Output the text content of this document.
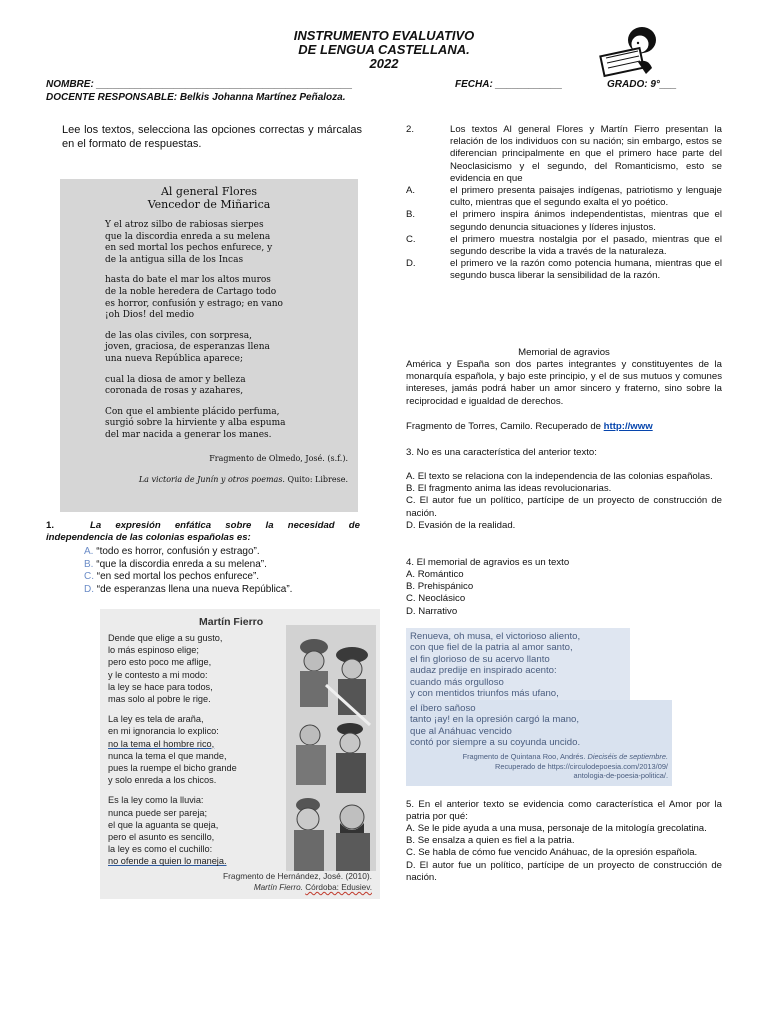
INSTRUMENTO EVALUATIVO
DE LENGUA CASTELLANA.
2022
NOMBRE: ______________________________________________	FECHA: ____________	GRADO: 9°___
DOCENTE RESPONSABLE: Belkis Johanna Martínez Peñaloza.
Lee los textos, selecciona las opciones correctas y márcalas en el formato de respuestas.
Al general Flores
Vencedor de Miñarica

Y el atroz silbo de rabiosas sierpes

que la discordia enreda a su melena

en sed mortal los pechos enfurece, y

de la antigua silla de los Incas

hasta do bate el mar los altos muros

de la noble heredera de Cartago todo

es horror, confusión y estrago; en vano

¡oh Dios! del medio

de las olas civiles, con sorpresa,

joven, graciosa, de esperanzas llena

una nueva República aparece;

cual la diosa de amor y belleza

coronada de rosas y azahares,

Con que el ambiente plácido perfuma,

surgió sobre la hirviente y alba espuma

del mar nacida a generar los manes.

Fragmento de Olmedo, José. (s.f.).
La victoria de Junín y otros poemas. Quito: Librese.
1.	La expresión enfática sobre la necesidad de independencia de las colonias españolas es:

A. “todo es horror, confusión y estrago”.

B. “que la discordia enreda a su melena”.

C. “en sed mortal los pechos enfurece”.

D. “de esperanzas llena una nueva República”.

Martín Fierro

Dende que elige a su gusto,

lo más espinoso elige;

pero esto poco me aflige,

y le contesto a mi modo:

la ley se hace para todos,

mas solo al pobre le rige.

La ley es tela de araña,

en mi ignorancia lo explico:

no la tema el hombre rico,

nunca la tema el que mande,

pues la ruempe el bicho grande

y solo enreda a los chicos.

Es la ley como la lluvia:

nunca puede ser pareja;

el que la aguanta se queja,

pero el asunto es sencillo,

la ley es como el cuchillo:

no ofende a quien lo maneja.

Fragmento de Hernández, José. (2010).
Martín Fierro. Córdoba: Edusiev.
2.	Los textos Al general Flores y Martín Fierro presentan la relación de los individuos con su nación; sin embargo, estos se diferencian principalmente en que el primero hace parte del Neoclasicismo y el segundo, del Romanticismo, esto se evidencia en que
A.	el primero presenta paisajes indígenas, patriotismo y lenguaje culto, mientras que el segundo exalta el yo poético.
B.	el primero inspira ánimos independentistas, mientras que el segundo denuncia situaciones y líderes injustos.
C.	el primero muestra nostalgia por el pasado, mientras que el segundo describe la vida a través de la naturaleza.
D.	el primero ve la razón como potencia humana, mientras que el segundo busca liberar la sensibilidad de la razón.
Memorial de agravios
América y España son dos partes integrantes y constituyentes de la monarquía española, y bajo este principio, y el de sus mutuos y comunes intereses, jamás podrá haber un amor sincero y fraterno, sino sobre la reciprocidad e igualdad de derechos.
Fragmento de Torres, Camilo. Recuperado de http://www
3. No es una característica del anterior texto:

A. El texto se relaciona con la independencia de las colonias españolas.

B. El fragmento anima las ideas revolucionarias.

C. El autor fue un político, partícipe de un proyecto de construcción de nación.

D. Evasión de la realidad.

4. El memorial de agravios es un texto

A. Romántico

B. Prehispánico

C. Neoclásico

D. Narrativo

Renueva, oh musa, el victorioso aliento,

con que fiel de la patria al amor santo,

el fin glorioso de su acervo llanto

audaz predije en inspirado acento:

cuando más orgulloso

y con mentidos triunfos más ufano,

el íbero sañoso

tanto ¡ay! en la opresión cargó la mano,

que al Anáhuac vencido

contó por siempre a su coyunda uncido.

Fragmento de Quintana Roo, Andrés. Dieciséis de septiembre.
Recuperado de https://circulodepoesia.com/2013/09/
antologia-de-poesia-politica/.
5. En el anterior texto se evidencia como característica el Amor por la patria por qué:

A. Se le pide ayuda a una musa, personaje de la mitología grecolatina.

B. Se ensalza a quien es fiel a la patria.

C. Se habla de cómo fue vencido Anáhuac, de la opresión española.

D. El autor fue un político, partícipe de un proyecto de construcción de nación.
